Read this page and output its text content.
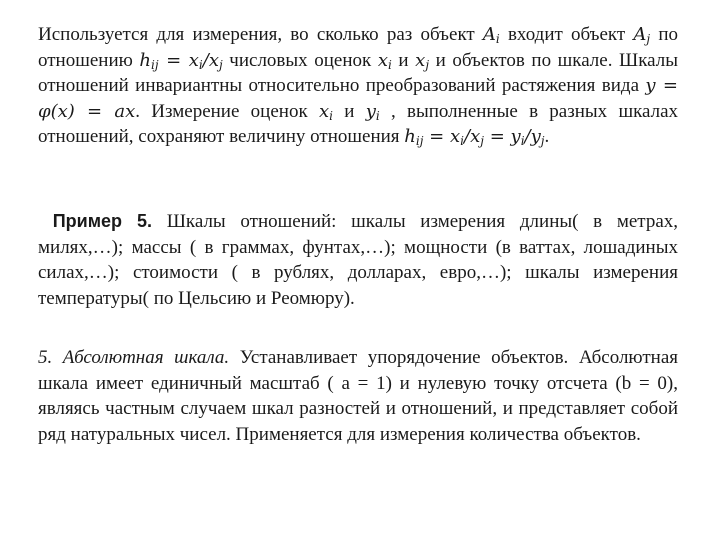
Используется для измерения, во сколько раз объект $A_i$ входит объект $A_j$ по отношению $h_{ij} = x_i/x_j$ числовых оценок $x_i$ и $x_j$ и объектов по шкале. Шкалы отношений инвариантны относительно преобразований растяжения вида y = φ(x) = ax. Измерение оценок $x_i$ и $y_i$ , выполненные в разных шкалах отношений, сохраняют величину отношения $h_{ij} = x_i/x_j = y_i/y_j$.

Пример 5. Шкалы отношений: шкалы измерения длины( в метрах, милях,…); массы ( в граммах, фунтах,…); мощности (в ваттах, лошадиных силах,…); стоимости ( в рублях, долларах, евро,…); шкалы измерения температуры( по Цельсию и Реомюру).

5. Абсолютная шкала. Устанавливает упорядочение объектов. Абсолютная шкала имеет единичный масштаб ( a = 1) и нулевую точку отсчета (b = 0), являясь частным случаем шкал разностей и отношений, и представляет собой ряд натуральных чисел. Применяется для измерения количества объектов.
